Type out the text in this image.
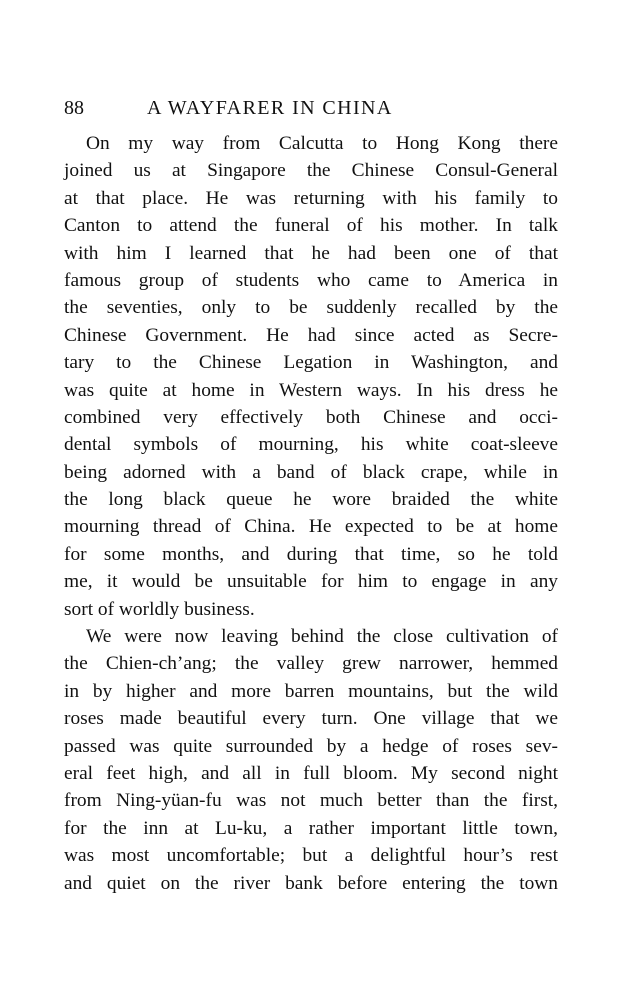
88	A WAYFARER IN CHINA
On my way from Calcutta to Hong Kong there
joined us at Singapore the Chinese Consul-General
at that place. He was returning with his family to
Canton to attend the funeral of his mother. In talk
with him I learned that he had been one of that
famous group of students who came to America in
the seventies, only to be suddenly recalled by the
Chinese Government. He had since acted as Secre-
tary to the Chinese Legation in Washington, and
was quite at home in Western ways. In his dress he
combined very effectively both Chinese and occi-
dental symbols of mourning, his white coat-sleeve
being adorned with a band of black crape, while in
the long black queue he wore braided the white
mourning thread of China. He expected to be at home
for some months, and during that time, so he told
me, it would be unsuitable for him to engage in any
sort of worldly business.
We were now leaving behind the close cultivation of
the Chien-ch’ang; the valley grew narrower, hemmed
in by higher and more barren mountains, but the wild
roses made beautiful every turn. One village that we
passed was quite surrounded by a hedge of roses sev-
eral feet high, and all in full bloom. My second night
from Ning-yüan-fu was not much better than the first,
for the inn at Lu-ku, a rather important little town,
was most uncomfortable; but a delightful hour’s rest
and quiet on the river bank before entering the town
